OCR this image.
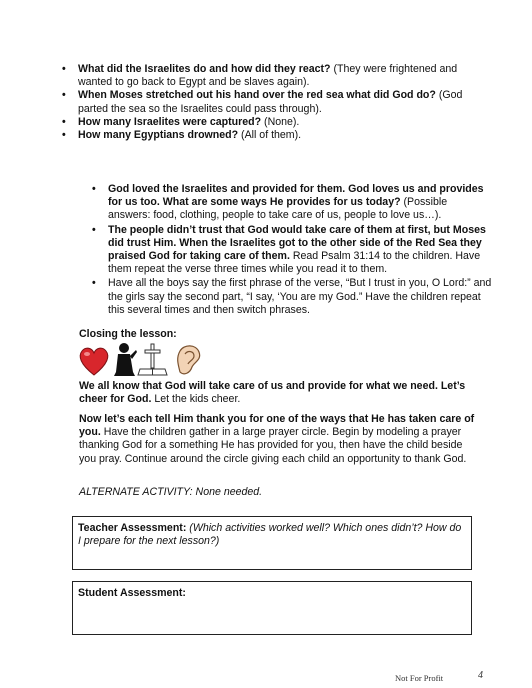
• What did the Israelites do and how did they react? (They were frightened and wanted to go back to Egypt and be slaves again).
• When Moses stretched out his hand over the red sea what did God do? (God parted the sea so the Israelites could pass through).
• How many Israelites were captured? (None).
• How many Egyptians drowned? (All of them).
• God loved the Israelites and provided for them. God loves us and provides for us too. What are some ways He provides for us today? (Possible answers: food, clothing, people to take care of us, people to love us…).
• The people didn’t trust that God would take care of them at first, but Moses did trust Him. When the Israelites got to the other side of the Red Sea they praised God for taking care of them. Read Psalm 31:14 to the children. Have them repeat the verse three times while you read it to them.
• Have all the boys say the first phrase of the verse, “But I trust in you, O Lord:” and the girls say the second part, “I say, ‘You are my God.” Have the children repeat this several times and then switch phrases.
Closing the lesson:
We all know that God will take care of us and provide for what we need. Let’s cheer for God. Let the kids cheer.
Now let’s each tell Him thank you for one of the ways that He has taken care of you. Have the children gather in a large prayer circle. Begin by modeling a prayer thanking God for a something He has provided for you, then have the child beside you pray. Continue around the circle giving each child an opportunity to thank God.
ALTERNATE ACTIVITY: None needed.
Teacher Assessment: (Which activities worked well? Which ones didn’t? How do I prepare for the next lesson?)
Student Assessment:
Not For Profit	4
